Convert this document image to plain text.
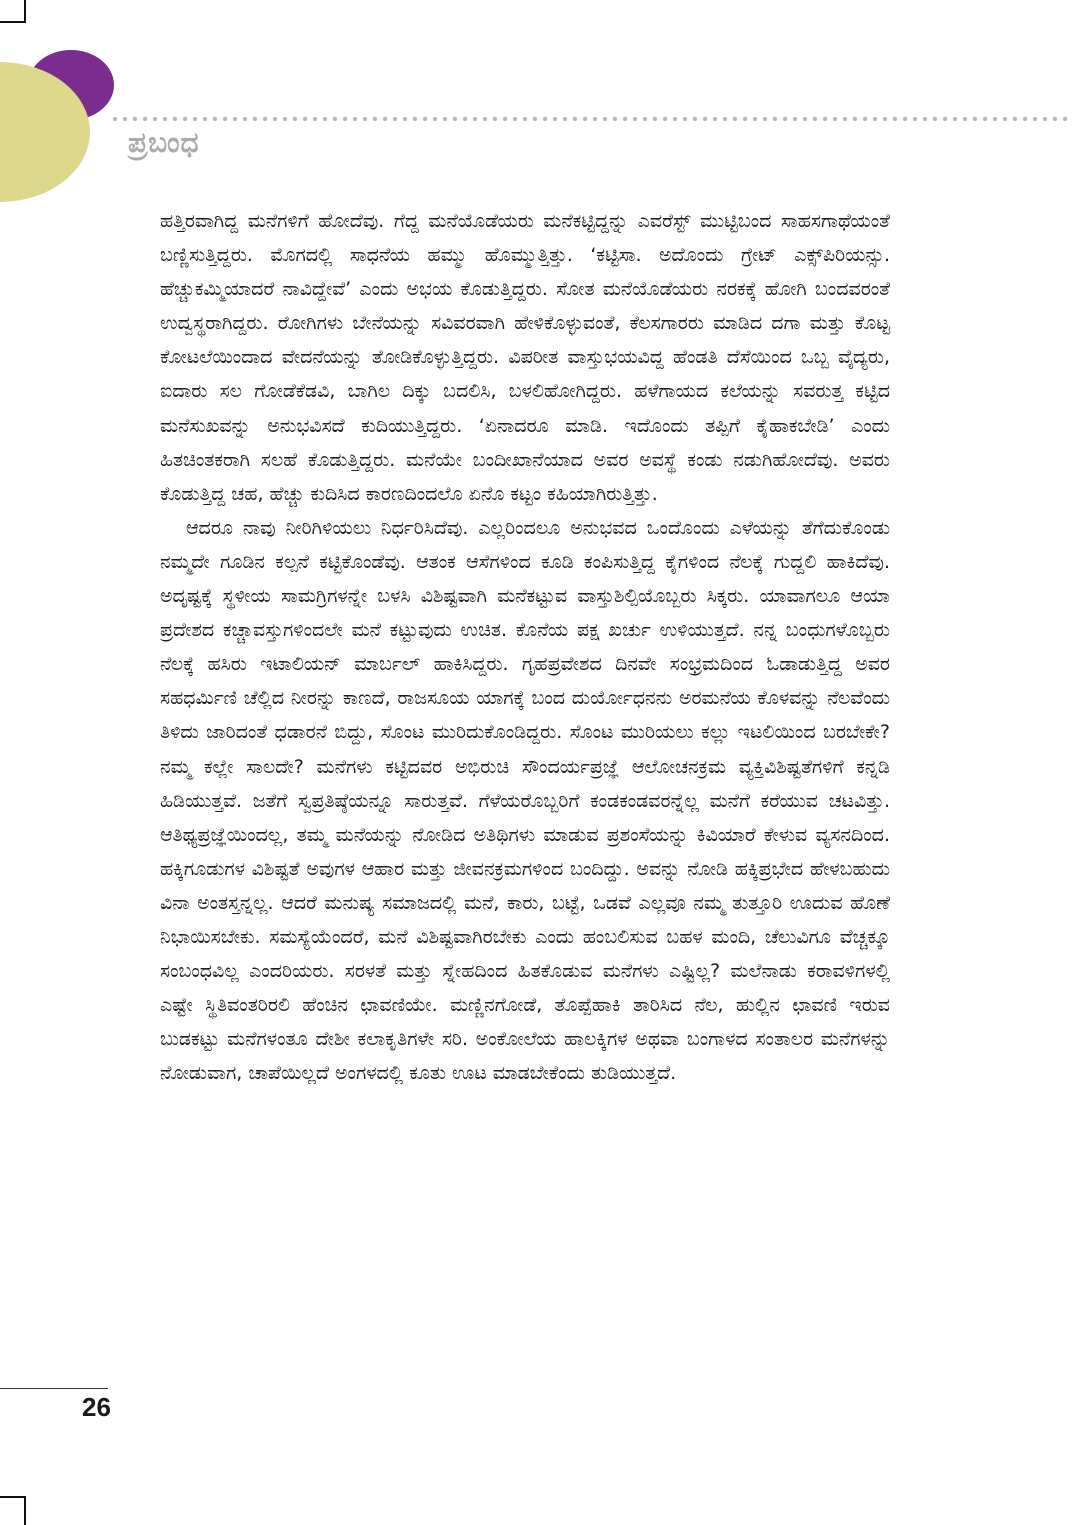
ಪ್ರಬಂಧ

ಹತ್ತಿರವಾಗಿದ್ದ ಮನೆಗಳಿಗೆ ಹೋದೆವು. ಗೆದ್ದ ಮನೆಯೊಡೆಯರು ಮನೆಕಟ್ಟಿದ್ದನ್ನು ಎವರೆಸ್ಟ್ ಮುಟ್ಟಿಬಂದ ಸಾಹಸಗಾಥೆಯಂತೆ ಬಣ್ಣಿಸುತ್ತಿದ್ದರು. ಮೊಗದಲ್ಲಿ ಸಾಧನೆಯ ಹಮ್ಮು ಹೊಮ್ಮುತ್ತಿತ್ತು. ‘ಕಟ್ಟಿಸಾ. ಅದೊಂದು ಗ್ರೇಟ್ ಎಕ್ಸ್‌ಪಿರಿಯನ್ಸು. ಹೆಚ್ಚುಕಮ್ಮಿಯಾದರೆ ನಾವಿದ್ದೇವೆ’ ಎಂದು ಅಭಯ ಕೊಡುತ್ತಿದ್ದರು. ಸೋತ ಮನೆಯೊಡೆಯರು ನರಕಕ್ಕೆ ಹೋಗಿ ಬಂದವರಂತೆ ಉದ್ವಸ್ಥರಾಗಿದ್ದರು. ರೋಗಿಗಳು ಬೇನೆಯನ್ನು ಸವಿವರವಾಗಿ ಹೇಳಿಕೊಳ್ಳುವಂತೆ, ಕೆಲಸಗಾರರು ಮಾಡಿದ ದಗಾ ಮತ್ತು ಕೊಟ್ಟ ಕೋಟಲೆಯಿಂದಾದ ವೇದನೆಯನ್ನು ತೋಡಿಕೊಳ್ಳುತ್ತಿದ್ದರು. ವಿಪರೀತ ವಾಸ್ತುಭಯವಿದ್ದ ಹೆಂಡತಿ ದೆಸೆಯಿಂದ ಒಬ್ಬ ವೈದ್ಯರು, ಐದಾರು ಸಲ ಗೋಡೆಕೆಡವಿ, ಬಾಗಿಲ ದಿಕ್ಕು ಬದಲಿಸಿ, ಬಳಲಿಹೋಗಿದ್ದರು. ಹಳೆಗಾಯದ ಕಲೆಯನ್ನು ಸವರುತ್ತ ಕಟ್ಟಿದ ಮನೆಸುಖವನ್ನು ಅನುಭವಿಸದೆ ಕುದಿಯುತ್ತಿದ್ದರು. ‘ಏನಾದರೂ ಮಾಡಿ. ಇದೊಂದು ತಪ್ಪಿಗೆ ಕೈಹಾಕಬೇಡಿ’ ಎಂದು ಹಿತಚಿಂತಕರಾಗಿ ಸಲಹೆ ಕೊಡುತ್ತಿದ್ದರು. ಮನೆಯೇ ಬಂದೀಖಾನೆಯಾದ ಅವರ ಅವಸ್ಥೆ ಕಂಡು ನಡುಗಿಹೋದೆವು. ಅವರು ಕೊಡುತ್ತಿದ್ದ ಚಹ, ಹೆಚ್ಚು ಕುದಿಸಿದ ಕಾರಣದಿಂದಲೊ ಏನೊ ಕಟ್ಟಂ ಕಹಿಯಾಗಿರುತ್ತಿತ್ತು.

ಆದರೂ ನಾವು ನೀರಿಗಿಳಿಯಲು ನಿರ್ಧರಿಸಿದೆವು. ಎಲ್ಲರಿಂದಲೂ ಅನುಭವದ ಒಂದೊಂದು ಎಳೆಯನ್ನು ತೆಗೆದುಕೊಂಡು ನಮ್ಮದೇ ಗೂಡಿನ ಕಲ್ಪನೆ ಕಟ್ಟಿಕೊಂಡೆವು. ಆತಂಕ ಆಸೆಗಳಿಂದ ಕೂಡಿ ಕಂಪಿಸುತ್ತಿದ್ದ ಕೈಗಳಿಂದ ನೆಲಕ್ಕೆ ಗುದ್ದಲಿ ಹಾಕಿದೆವು. ಅದೃಷ್ಟಕ್ಕೆ ಸ್ಥಳೀಯ ಸಾಮಗ್ರಿಗಳನ್ನೇ ಬಳಸಿ ವಿಶಿಷ್ಟವಾಗಿ ಮನೆಕಟ್ಟುವ ವಾಸ್ತುಶಿಲ್ಪಿಯೊಬ್ಬರು ಸಿಕ್ಕರು. ಯಾವಾಗಲೂ ಆಯಾ ಪ್ರದೇಶದ ಕಚ್ಚಾವಸ್ತುಗಳಿಂದಲೇ ಮನೆ ಕಟ್ಟುವುದು ಉಚಿತ. ಕೊನೆಯ ಪಕ್ಷ ಖರ್ಚು ಉಳಿಯುತ್ತದೆ. ನನ್ನ ಬಂಧುಗಳೊಬ್ಬರು ನೆಲಕ್ಕೆ ಹಸಿರು ಇಟಾಲಿಯನ್ ಮಾರ್ಬಲ್ ಹಾಕಿಸಿದ್ದರು. ಗೃಹಪ್ರವೇಶದ ದಿನವೇ ಸಂಭ್ರಮದಿಂದ ಓಡಾಡುತ್ತಿದ್ದ ಅವರ ಸಹಧರ್ಮಿಣಿ ಚೆಲ್ಲಿದ ನೀರನ್ನು ಕಾಣದೆ, ರಾಜಸೂಯ ಯಾಗಕ್ಕೆ ಬಂದ ದುರ್ಯೋಧನನು ಅರಮನೆಯ ಕೊಳವನ್ನು ನೆಲವೆಂದು ತಿಳಿದು ಜಾರಿದಂತೆ ಧಡಾರನೆ ಬಿದ್ದು, ಸೊಂಟ ಮುರಿದುಕೊಂಡಿದ್ದರು. ಸೊಂಟ ಮುರಿಯಲು ಕಲ್ಲು ಇಟಲಿಯಿಂದ ಬರಬೇಕೇ? ನಮ್ಮ ಕಲ್ಲೇ ಸಾಲದೇ? ಮನೆಗಳು ಕಟ್ಟಿದವರ ಅಭಿರುಚಿ ಸೌಂದರ್ಯಪ್ರಜ್ಞೆ ಆಲೋಚನಕ್ರಮ ವ್ಯಕ್ತಿವಿಶಿಷ್ಟತೆಗಳಿಗೆ ಕನ್ನಡಿ ಹಿಡಿಯುತ್ತವೆ. ಜತೆಗೆ ಸ್ವಪ್ರತಿಷ್ಠೆಯನ್ನೂ ಸಾರುತ್ತವೆ. ಗೆಳೆಯರೊಬ್ಬರಿಗೆ ಕಂಡಕಂಡವರನ್ನೆಲ್ಲ ಮನೆಗೆ ಕರೆಯುವ ಚಟವಿತ್ತು. ಆತಿಥ್ಯಪ್ರಜ್ಞೆಯಿಂದಲ್ಲ, ತಮ್ಮ ಮನೆಯನ್ನು ನೋಡಿದ ಅತಿಥಿಗಳು ಮಾಡುವ ಪ್ರಶಂಸೆಯನ್ನು ಕಿವಿಯಾರೆ ಕೇಳುವ ವ್ಯಸನದಿಂದ. ಹಕ್ಕಿಗೂಡುಗಳ ವಿಶಿಷ್ಟತೆ ಅವುಗಳ ಆಹಾರ ಮತ್ತು ಜೀವನಕ್ರಮಗಳಿಂದ ಬಂದಿದ್ದು. ಅವನ್ನು ನೋಡಿ ಹಕ್ಕಿಪ್ರಭೇದ ಹೇಳಬಹುದು ವಿನಾ ಅಂತಸ್ತನ್ನಲ್ಲ. ಆದರೆ ಮನುಷ್ಯ ಸಮಾಜದಲ್ಲಿ ಮನೆ, ಕಾರು, ಬಟ್ಟೆ, ಒಡವೆ ಎಲ್ಲವೂ ನಮ್ಮ ತುತ್ತೂರಿ ಊದುವ ಹೊಣೆ ನಿಭಾಯಿಸಬೇಕು. ಸಮಸ್ಯೆಯೆಂದರೆ, ಮನೆ ವಿಶಿಷ್ಟವಾಗಿರಬೇಕು ಎಂದು ಹಂಬಲಿಸುವ ಬಹಳ ಮಂದಿ, ಚೆಲುವಿಗೂ ವೆಚ್ಚಕ್ಕೂ ಸಂಬಂಧವಿಲ್ಲ ಎಂದರಿಯರು. ಸರಳತೆ ಮತ್ತು ಸ್ನೇಹದಿಂದ ಹಿತಕೊಡುವ ಮನೆಗಳು ಎಷ್ಟಿಲ್ಲ? ಮಲೆನಾಡು ಕರಾವಳಿಗಳಲ್ಲಿ ಎಷ್ಟೇ ಸ್ಥಿತಿವಂತರಿರಲಿ ಹೆಂಚಿನ ಛಾವಣಿಯೇ. ಮಣ್ಣಿನಗೋಡೆ, ತೊಪ್ಪೆಹಾಕಿ ತಾರಿಸಿದ ನೆಲ, ಹುಲ್ಲಿನ ಛಾವಣಿ ಇರುವ ಬುಡಕಟ್ಟು ಮನೆಗಳಂತೂ ದೇಶೀ ಕಲಾಕೃತಿಗಳೇ ಸರಿ. ಅಂಕೋಲೆಯ ಹಾಲಕ್ಕಿಗಳ ಅಥವಾ ಬಂಗಾಳದ ಸಂತಾಲರ ಮನೆಗಳನ್ನು ನೋಡುವಾಗ, ಚಾಪೆಯಿಲ್ಲದೆ ಅಂಗಳದಲ್ಲಿ ಕೂತು ಊಟ ಮಾಡಬೇಕೆಂದು ತುಡಿಯುತ್ತದೆ.

26
